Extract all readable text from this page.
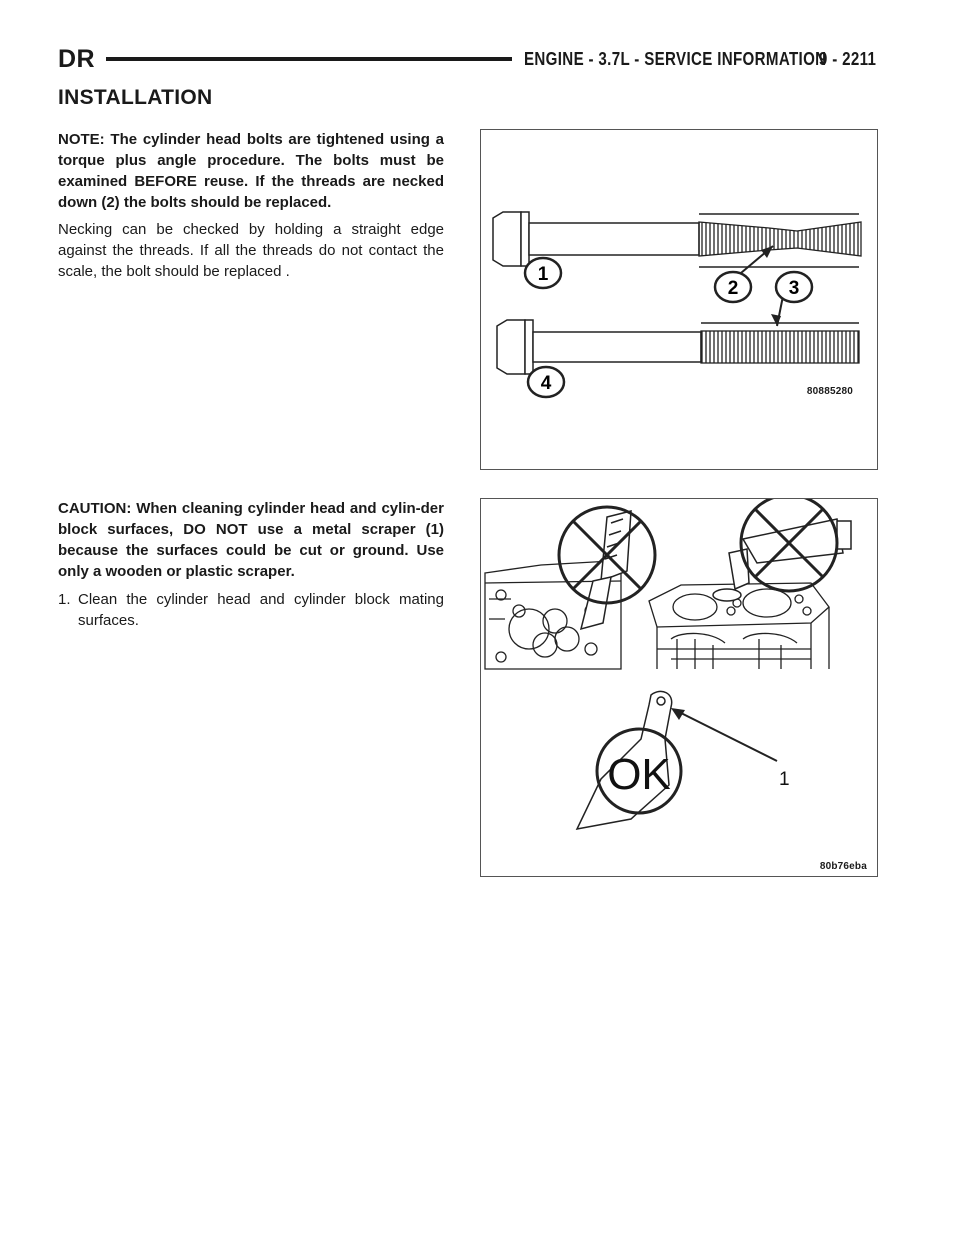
DR	ENGINE - 3.7L - SERVICE INFORMATION
9 - 2211
INSTALLATION

NOTE: The cylinder head bolts are tightened using a torque plus angle procedure. The bolts must be examined BEFORE reuse. If the threads are necked down (2) the bolts should be replaced.

Necking can be checked by holding a straight edge against the threads. If all the threads do not contact the scale, the bolt should be replaced .

CAUTION: When cleaning cylinder head and cylin-der block surfaces, DO NOT use a metal scraper (1) because the surfaces could be cut or ground. Use only a wooden or plastic scraper.

1. Clean the cylinder head and cylinder block mating surfaces.
1
2	3
4	80885280
OK	1
80b76eba
